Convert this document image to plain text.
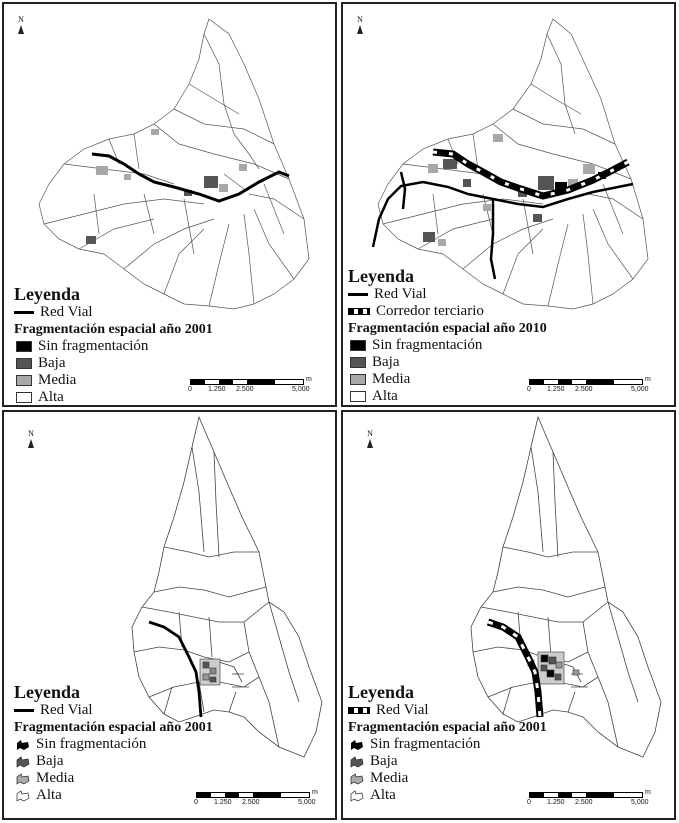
N
Leyenda
Red Vial
Fragmentación espacial año 2001
Sin fragmentación
Baja
Media
Alta	0 1.250 2.500	5,000
m
N
Leyenda
Red Vial
Corredor terciario
Fragmentación espacial año 2010
Sin fragmentación
Baja
Media
Alta	0 1.250 2.500	5,000
m
N
Leyenda
Red Vial
Fragmentación espacial año 2001
Sin fragmentación
Baja
Media
Alta	0 1.250 2.500	5,000
m
N
Leyenda
Red Vial
Fragmentación espacial año 2001
Sin fragmentación
Baja
Media
Alta	0 1.250 2.500	5,000
m
